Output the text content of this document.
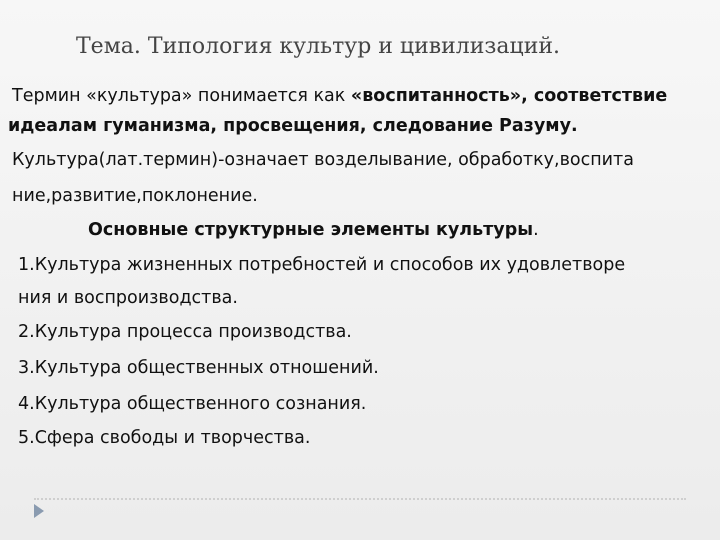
Тема. Типология культур и цивилизаций.
Термин «культура» понимается как «воспитанность», соответствие
идеалам гуманизма, просвещения, следование Разуму.
Культура(лат.термин)-означает возделывание, обработку,воспита
ние,развитие,поклонение.
Основные структурные элементы культуры.
1.Культура жизненных потребностей и способов их удовлетворе
ния и воспроизводства.
2.Культура процесса производства.
3.Культура общественных отношений.
4.Культура общественного сознания.
5.Сфера свободы и творчества.
